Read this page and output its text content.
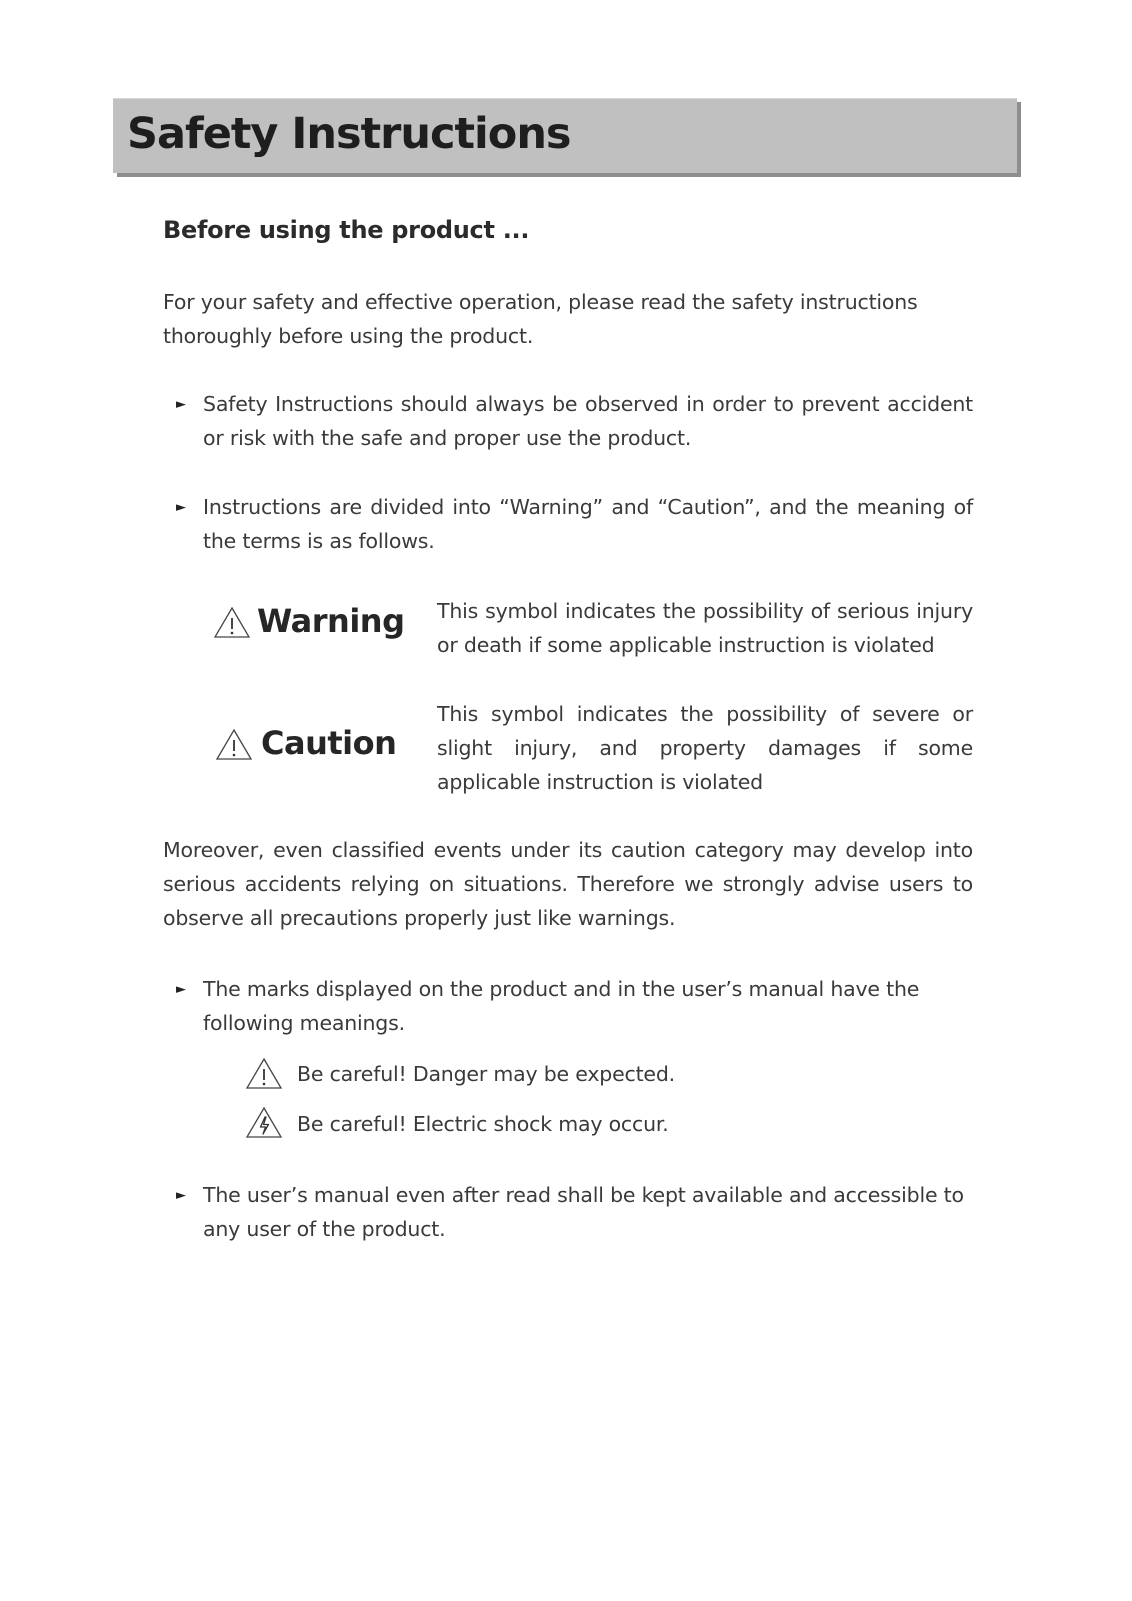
Safety Instructions
Before using the product ...

For your safety and effective operation, please read the safety instructions thoroughly before using the product.

► Safety Instructions should always be observed in order to prevent accident or risk with the safe and proper use the product.

► Instructions are divided into “Warning” and “Caution”, and the meaning of the terms is as follows.

Warning This symbol indicates the possibility of serious injury or death if some applicable instruction is violated

Caution

This symbol indicates the possibility of severe or slight injury, and property damages if some applicable instruction is violated

Moreover, even classified events under its caution category may develop into serious accidents relying on situations. Therefore we strongly advise users to observe all precautions properly just like warnings.

► The marks displayed on the product and in the user’s manual have the following meanings.

Be careful! Danger may be expected.

Be careful! Electric shock may occur.

► The user’s manual even after read shall be kept available and accessible to any user of the product.
